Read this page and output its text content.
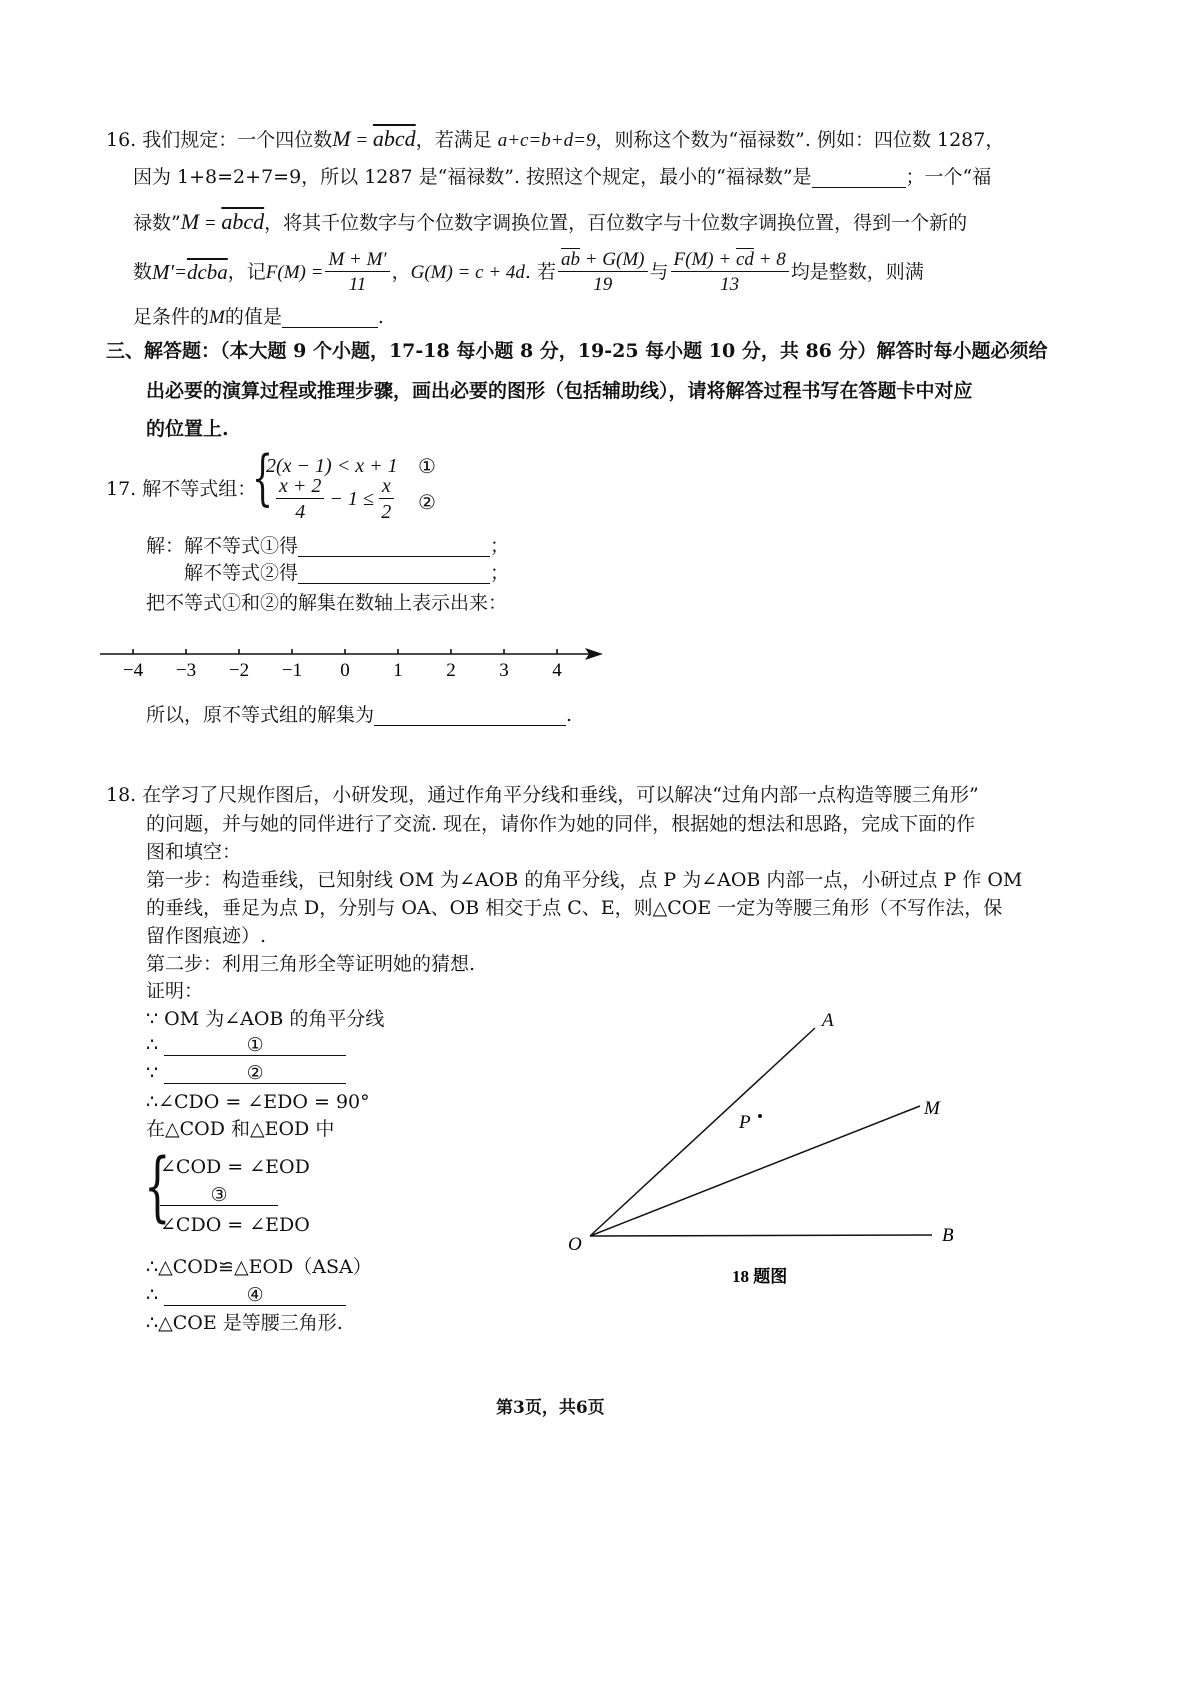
16. 我们规定：一个四位数M = abcd，若满足 a+c=b+d=9，则称这个数为“福禄数”. 例如：四位数 1287，
因为 1+8=2+7=9，所以 1287 是“福禄数”. 按照这个规定，最小的“福禄数”是	；一个“福
禄数”M = abcd，将其千位数字与个位数字调换位置，百位数字与十位数字调换位置，得到一个新的
数 M′ = dcba ，记 $F(M) = \frac{M + M'}{11}$ ， G(M) = c + 4d . 若 $\frac{\overline{ab} + G(M)}{19}$ 与 $\frac{F(M) + \overline{cd} + 8}{13}$ 均是整数，则满
足条件的M的值是	.
三、解答题：（本大题 9 个小题，17-18 每小题 8 分，19-25 每小题 10 分，共 86 分）解答时每小题必须给
出必要的演算过程或推理步骤，画出必要的图形（包括辅助线），请将解答过程书写在答题卡中对应
的位置上.
17. 解不等式组：
{
2(x − 1) < x + 1 ①
$\frac{x + 2}{4} - 1 \le \frac{x}{2}$ ②
解：解不等式①得	；
解不等式②得	；
把不等式①和②的解集在数轴上表示出来：
−4 −3 −2 −1 0 1 2 3 4
所以，原不等式组的解集为	.
18. 在学习了尺规作图后，小研发现，通过作角平分线和垂线，可以解决“过角内部一点构造等腰三角形”
的问题，并与她的同伴进行了交流. 现在，请你作为她的同伴，根据她的想法和思路，完成下面的作
图和填空：
第一步：构造垂线，已知射线 OM 为∠AOB 的角平分线，点 P 为∠AOB 内部一点，小研过点 P 作 OM
的垂线，垂足为点 D，分别与 OA、OB 相交于点 C、E，则△COE 一定为等腰三角形（不写作法，保
留作图痕迹）.
第二步：利用三角形全等证明她的猜想.
证明：
∵ OM 为∠AOB 的角平分线
∴	①
∵	②
∴∠CDO = ∠EDO = 90°
在△COD 和△EOD 中
{
∠COD = ∠EOD
③
∠CDO = ∠EDO
∴△COD≌△EOD（ASA）
∴	④
∴△COE 是等腰三角形.
A
M
B
O
P
18 题图
第3页，共6页
